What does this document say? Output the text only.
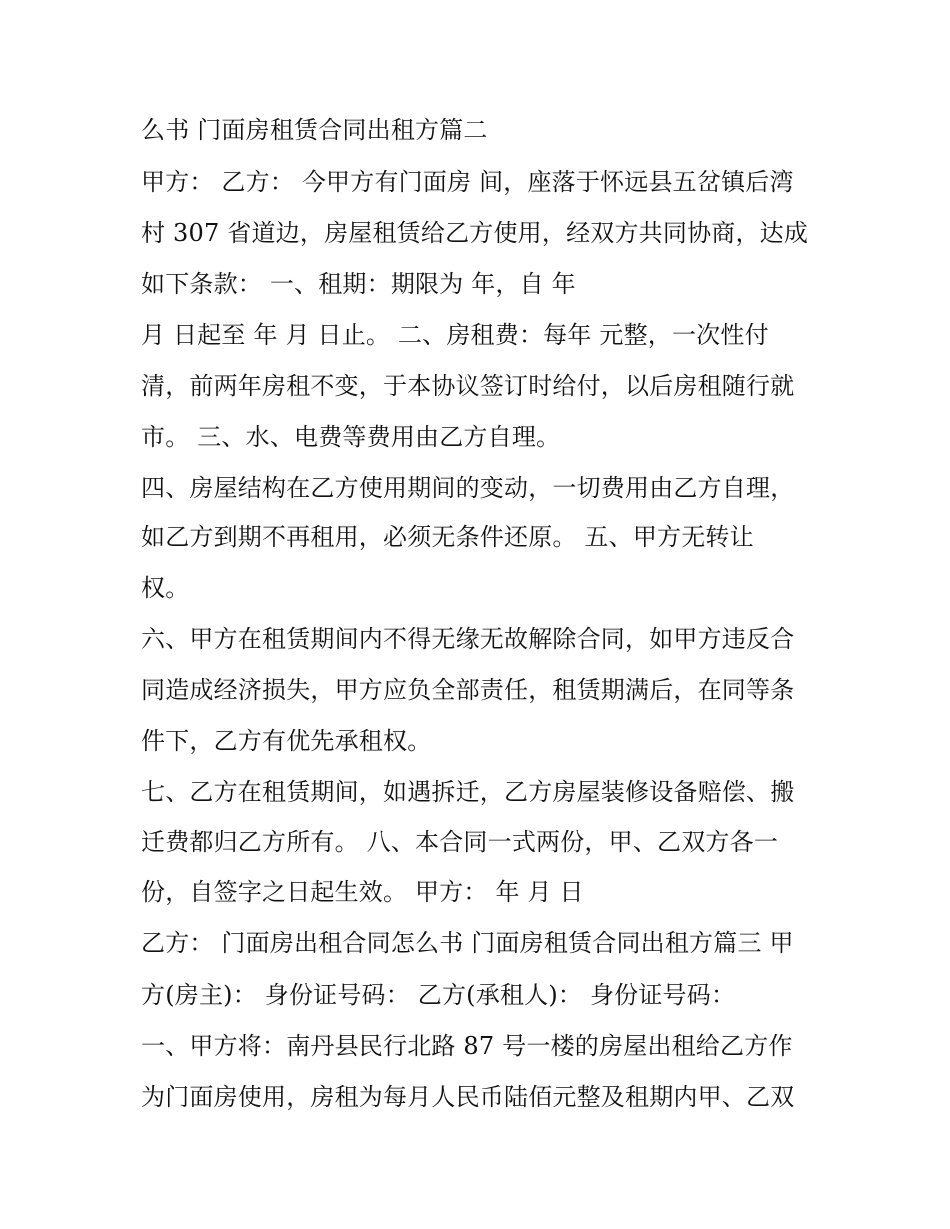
么书 门面房租赁合同出租方篇二
甲方： 乙方： 今甲方有门面房 间，座落于怀远县五岔镇后湾
村 307 省道边，房屋租赁给乙方使用，经双方共同协商，达成
如下条款： 一、租期：期限为 年，自 年
月 日起至 年 月 日止。 二、房租费：每年 元整，一次性付
清，前两年房租不变，于本协议签订时给付，以后房租随行就
市。 三、水、电费等费用由乙方自理。
四、房屋结构在乙方使用期间的变动，一切费用由乙方自理，
如乙方到期不再租用，必须无条件还原。 五、甲方无转让
权。
六、甲方在租赁期间内不得无缘无故解除合同，如甲方违反合
同造成经济损失，甲方应负全部责任，租赁期满后，在同等条
件下，乙方有优先承租权。
七、乙方在租赁期间，如遇拆迁，乙方房屋装修设备赔偿、搬
迁费都归乙方所有。 八、本合同一式两份，甲、乙双方各一
份，自签字之日起生效。 甲方： 年 月 日
乙方： 门面房出租合同怎么书 门面房租赁合同出租方篇三 甲
方(房主)： 身份证号码： 乙方(承租人)： 身份证号码：
一、甲方将：南丹县民行北路 87 号一楼的房屋出租给乙方作
为门面房使用，房租为每月人民币陆佰元整及租期内甲、乙双
